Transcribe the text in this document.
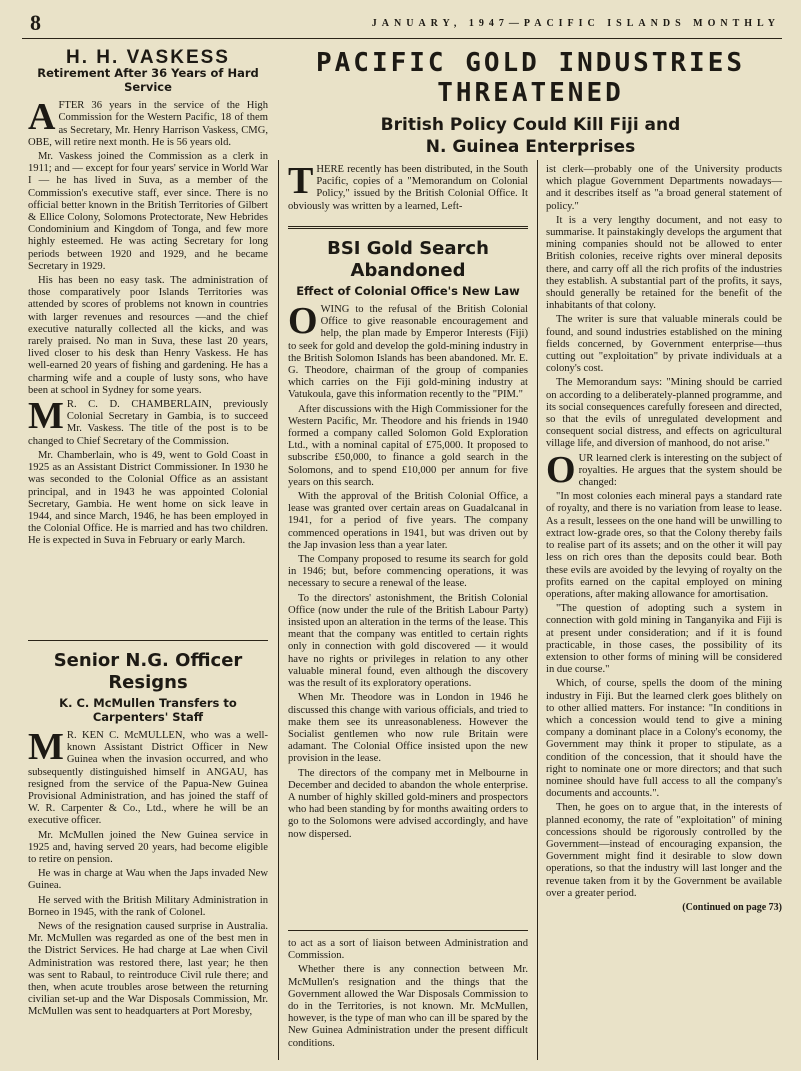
8	JANUARY, 1947—PACIFIC ISLANDS MONTHLY
H. H. VASKESS
Retirement After 36 Years of Hard Service

AFTER 36 years in the service of the High Commission for the Western Pacific, 18 of them as Secretary, Mr. Henry Harrison Vaskess, CMG, OBE, will retire next month. He is 56 years old.

Mr. Vaskess joined the Commission as a clerk in 1911; and — except for four years' service in World War I — he has lived in Suva, as a member of the Commission's executive staff, ever since. There is no official better known in the British Territories of Gilbert & Ellice Colony, Solomons Protectorate, New Hebrides Condominium and Kingdom of Tonga, and few more highly esteemed. He was acting Secretary for long periods between 1920 and 1929, and he became Secretary in 1929.

His has been no easy task. The administration of those comparatively poor Islands Territories was attended by scores of problems not known in countries with larger revenues and resources —and the chief executive naturally collected all the kicks, and was rarely praised. No man in Suva, these last 20 years, lived closer to his desk than Henry Vaskess. He has well-earned 20 years of fishing and gardening. He has a charming wife and a couple of lusty sons, who have been at school in Sydney for some years.

M R. C. D. CHAMBERLAIN, previously Colonial Secretary in Gambia, is to succeed Mr. Vaskess. The title of the post is to be changed to Chief Secretary of the Commission.

Mr. Chamberlain, who is 49, went to Gold Coast in 1925 as an Assistant District Commissioner. In 1930 he was seconded to the Colonial Office as an assistant principal, and in 1943 he was appointed Colonial Secretary, Gambia. He went home on sick leave in 1944, and since March, 1946, he has been employed in the Colonial Office. He is married and has two children. He is expected in Suva in February or early March.

Senior N.G. Officer Resigns
K. C. McMullen Transfers to Carpenters' Staff

M R. KEN C. McMULLEN, who was a well-known Assistant District Officer in New Guinea when the invasion occurred, and who subsequently distinguished himself in ANGAU, has resigned from the service of the Papua-New Guinea Provisional Administration, and has joined the staff of W. R. Carpenter & Co., Ltd., where he will be an executive officer.

Mr. McMullen joined the New Guinea service in 1925 and, having served 20 years, had become eligible to retire on pension.

He was in charge at Wau when the Japs invaded New Guinea.

He served with the British Military Administration in Borneo in 1945, with the rank of Colonel.

News of the resignation caused surprise in Australia. Mr. McMullen was regarded as one of the best men in the District Services. He had charge at Lae when Civil Administration was restored there, last year; he then was sent to Rabaul, to reintroduce Civil rule there; and then, when acute troubles arose between the returning civilian set-up and the War Disposals Commission, Mr. McMullen was sent to headquarters at Port Moresby,

PACIFIC GOLD INDUSTRIES
THREATENED
British Policy Could Kill Fiji and
N. Guinea Enterprises

THERE recently has been distributed, in the South Pacific, copies of a "Memorandum on Colonial Policy," issued by the British Colonial Office. It obviously was written by a learned, Left-

BSI Gold Search
Abandoned
Effect of Colonial Office's New Law

OWING to the refusal of the British Colonial Office to give reasonable encouragement and help, the plan made by Emperor Interests (Fiji) to seek for gold and develop the gold-mining industry in the British Solomon Islands has been abandoned. Mr. E. G. Theodore, chairman of the group of companies which carries on the Fiji gold-mining industry at Vatukoula, gave this information recently to the "PIM."

After discussions with the High Commissioner for the Western Pacific, Mr. Theodore and his friends in 1940 formed a company called Solomon Gold Exploration Ltd., with a nominal capital of £75,000. It proposed to subscribe £50,000, to finance a gold search in the Solomons, and to spend £10,000 per annum for five years on this search.

With the approval of the British Colonial Office, a lease was granted over certain areas on Guadalcanal in 1941, for a period of five years. The company commenced operations in 1941, but was driven out by the Jap invasion less than a year later.

The Company proposed to resume its search for gold in 1946; but, before commencing operations, it was necessary to secure a renewal of the lease.

To the directors' astonishment, the British Colonial Office (now under the rule of the British Labour Party) insisted upon an alteration in the terms of the lease. This meant that the company was entitled to certain rights only in connection with gold discovered — it would have no rights or privileges in relation to any other valuable mineral found, even although the discovery was the result of its exploratory operations.

When Mr. Theodore was in London in 1946 he discussed this change with various officials, and tried to make them see its unreasonableness. However the Socialist gentlemen who now rule Britain were adamant. The Colonial Office insisted upon the new provision in the lease.

The directors of the company met in Melbourne in December and decided to abandon the whole enterprise. A number of highly skilled gold-miners and prospectors who had been standing by for months awaiting orders to go to the Solomons were advised accordingly, and have now dispersed.

to act as a sort of liaison between Administration and Commission.

Whether there is any connection between Mr. McMullen's resignation and the things that the Government allowed the War Disposals Commission to do in the Territories, is not known. Mr. McMullen, however, is the type of man who can ill be spared by the New Guinea Administration under the present difficult conditions.

ist clerk—probably one of the University products which plague Government Departments nowadays—and it describes itself as "a broad general statement of policy."

It is a very lengthy document, and not easy to summarise. It painstakingly develops the argument that mining companies should not be allowed to enter British colonies, receive rights over mineral deposits there, and carry off all the rich profits of the industries they establish. A substantial part of the profits, it says, should generally be retained for the benefit of the inhabitants of that colony.

The writer is sure that valuable minerals could be found, and sound industries established on the mining fields concerned, by Government enterprise—thus cutting out "exploitation" by private individuals at a colony's cost.

The Memorandum says: "Mining should be carried on according to a deliberately-planned programme, and its social consequences carefully foreseen and directed, so that the evils of unregulated development and consequent social distress, and effects on agricultural village life, and diversion of manhood, do not arise."

OUR learned clerk is interesting on the subject of royalties. He argues that the system should be changed:

"In most colonies each mineral pays a standard rate of royalty, and there is no variation from lease to lease. As a result, lessees on the one hand will be unwilling to extract low-grade ores, so that the Colony thereby fails to realise part of its assets; and on the other it will pay less on rich ores than the deposits could bear. Both these evils are avoided by the levying of royalty on the profits earned on the capital employed on mining operations, after making allowance for amortisation.

"The question of adopting such a system in connection with gold mining in Tanganyika and Fiji is at present under consideration; and if it is found practicable, in those cases, the possibility of its extension to other forms of mining will be considered in due course."

Which, of course, spells the doom of the mining industry in Fiji. But the learned clerk goes blithely on to other allied matters. For instance: "In conditions in which a concession would tend to give a mining company a dominant place in a Colony's economy, the Government may think it proper to stipulate, as a condition of the concession, that it should have the right to nominate one or more directors; and that such nominee should have full access to all the company's documents and accounts.".

Then, he goes on to argue that, in the interests of planned economy, the rate of "exploitation" of mining concessions should be rigorously controlled by the Government—instead of encouraging expansion, the Government might find it desirable to slow down operations, so that the industry will last longer and the revenue taken from it by the Government be available over a greater period.

(Continued on page 73)
